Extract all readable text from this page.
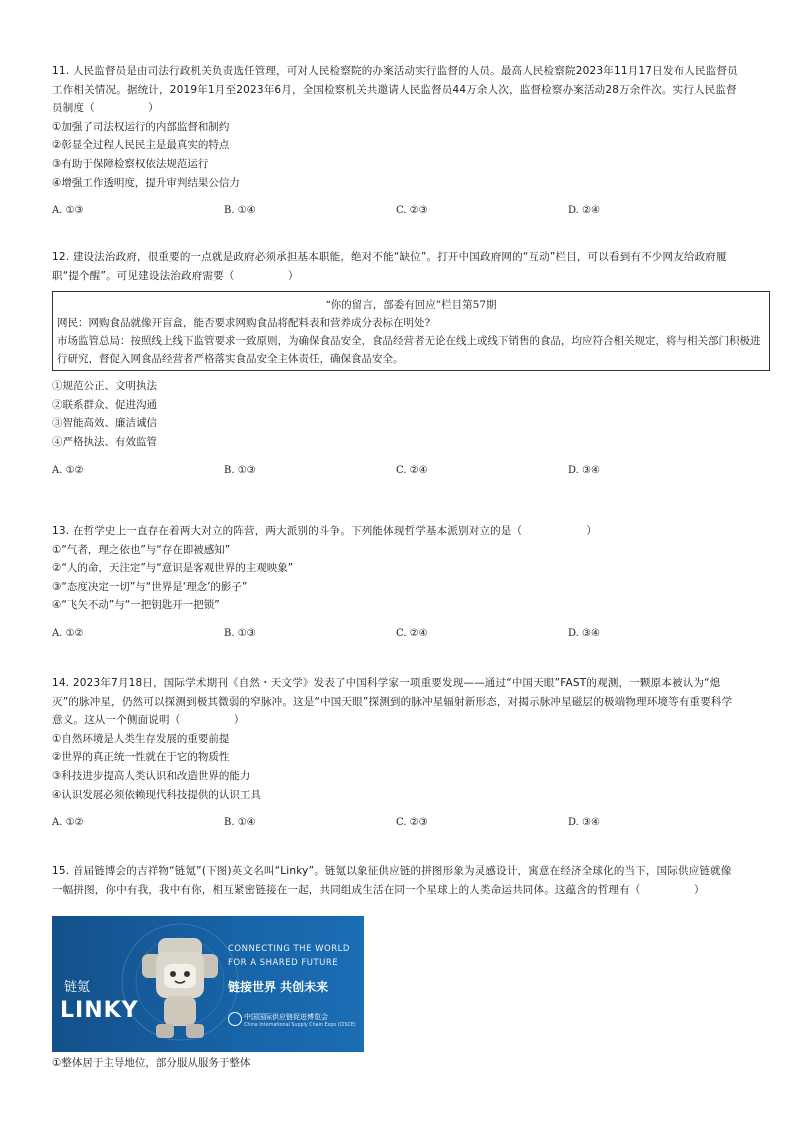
11. 人民监督员是由司法行政机关负责选任管理，可对人民检察院的办案活动实行监督的人员。最高人民检察院2023年11月17日发布人民监督员工作相关情况。据统计，2019年1月至2023年6月，全国检察机关共邀请人民监督员44万余人次，监督检察办案活动28万余件次。实行人民监督员制度（　　　　　）

①加强了司法权运行的内部监督和制约

②彰显全过程人民民主是最真实的特点

③有助于保障检察权依法规范运行

④增强工作透明度，提升审判结果公信力

A. ①③	B. ①④	C. ②③	D. ②④

12. 建设法治政府，很重要的一点就是政府必须承担基本职能，绝对不能“缺位”。打开中国政府网的“互动”栏目，可以看到有不少网友给政府履职“提个醒”。可见建设法治政府需要（　　　　　）

“你的留言，部委有回应”栏目第57期
网民：网购食品就像开盲盒，能否要求网购食品将配料表和营养成分表标在明处?
市场监管总局：按照线上线下监管要求一致原则，为确保食品安全，食品经营者无论在线上或线下销售的食品，均应符合相关规定，将与相关部门积极进行研究，督促入网食品经营者严格落实食品安全主体责任，确保食品安全。

①规范公正、文明执法

②联系群众、促进沟通

③智能高效、廉洁诚信

④严格执法、有效监管

A. ①②	B. ①③	C. ②④	D. ③④

13. 在哲学史上一直存在着两大对立的阵营，两大派别的斗争。下列能体现哲学基本派别对立的是（　　　　　　）

①“气者，理之依也”与“存在即被感知”

②“人的命，天注定”与“意识是客观世界的主观映象”

③“态度决定一切”与“世界是‘理念’的影子”

④“飞矢不动”与“一把钥匙开一把锁”

A. ①②	B. ①③	C. ②④	D. ③④

14. 2023年7月18日，国际学术期刊《自然・天文学》发表了中国科学家一项重要发现——通过“中国天眼”FAST的观测，一颗原本被认为“熄灭”的脉冲星，仍然可以探测到极其微弱的窄脉冲。这是“中国天眼”探测到的脉冲星辐射新形态，对揭示脉冲星磁层的极端物理环境等有重要科学意义。这从一个侧面说明（　　　　　）

①自然环境是人类生存发展的重要前提

②世界的真正统一性就在于它的物质性

③科技进步提高人类认识和改造世界的能力

④认识发展必须依赖现代科技提供的认识工具

A. ①②	B. ①④	C. ②③	D. ③④

15. 首届链博会的吉祥物“链氪”(下图)英文名叫“Linky”。链氪以象征供应链的拼图形象为灵感设计，寓意在经济全球化的当下，国际供应链就像一幅拼图，你中有我，我中有你，相互紧密链接在一起，共同组成生活在同一个星球上的人类命运共同体。这蕴含的哲理有（　　　　　）

链氪
LINKY
CONNECTING THE WORLD
FOR A SHARED FUTURE
链接世界 共创未来
中国国际供应链促进博览会
China International Supply Chain Expo (CISCE)
①整体居于主导地位，部分服从服务于整体
